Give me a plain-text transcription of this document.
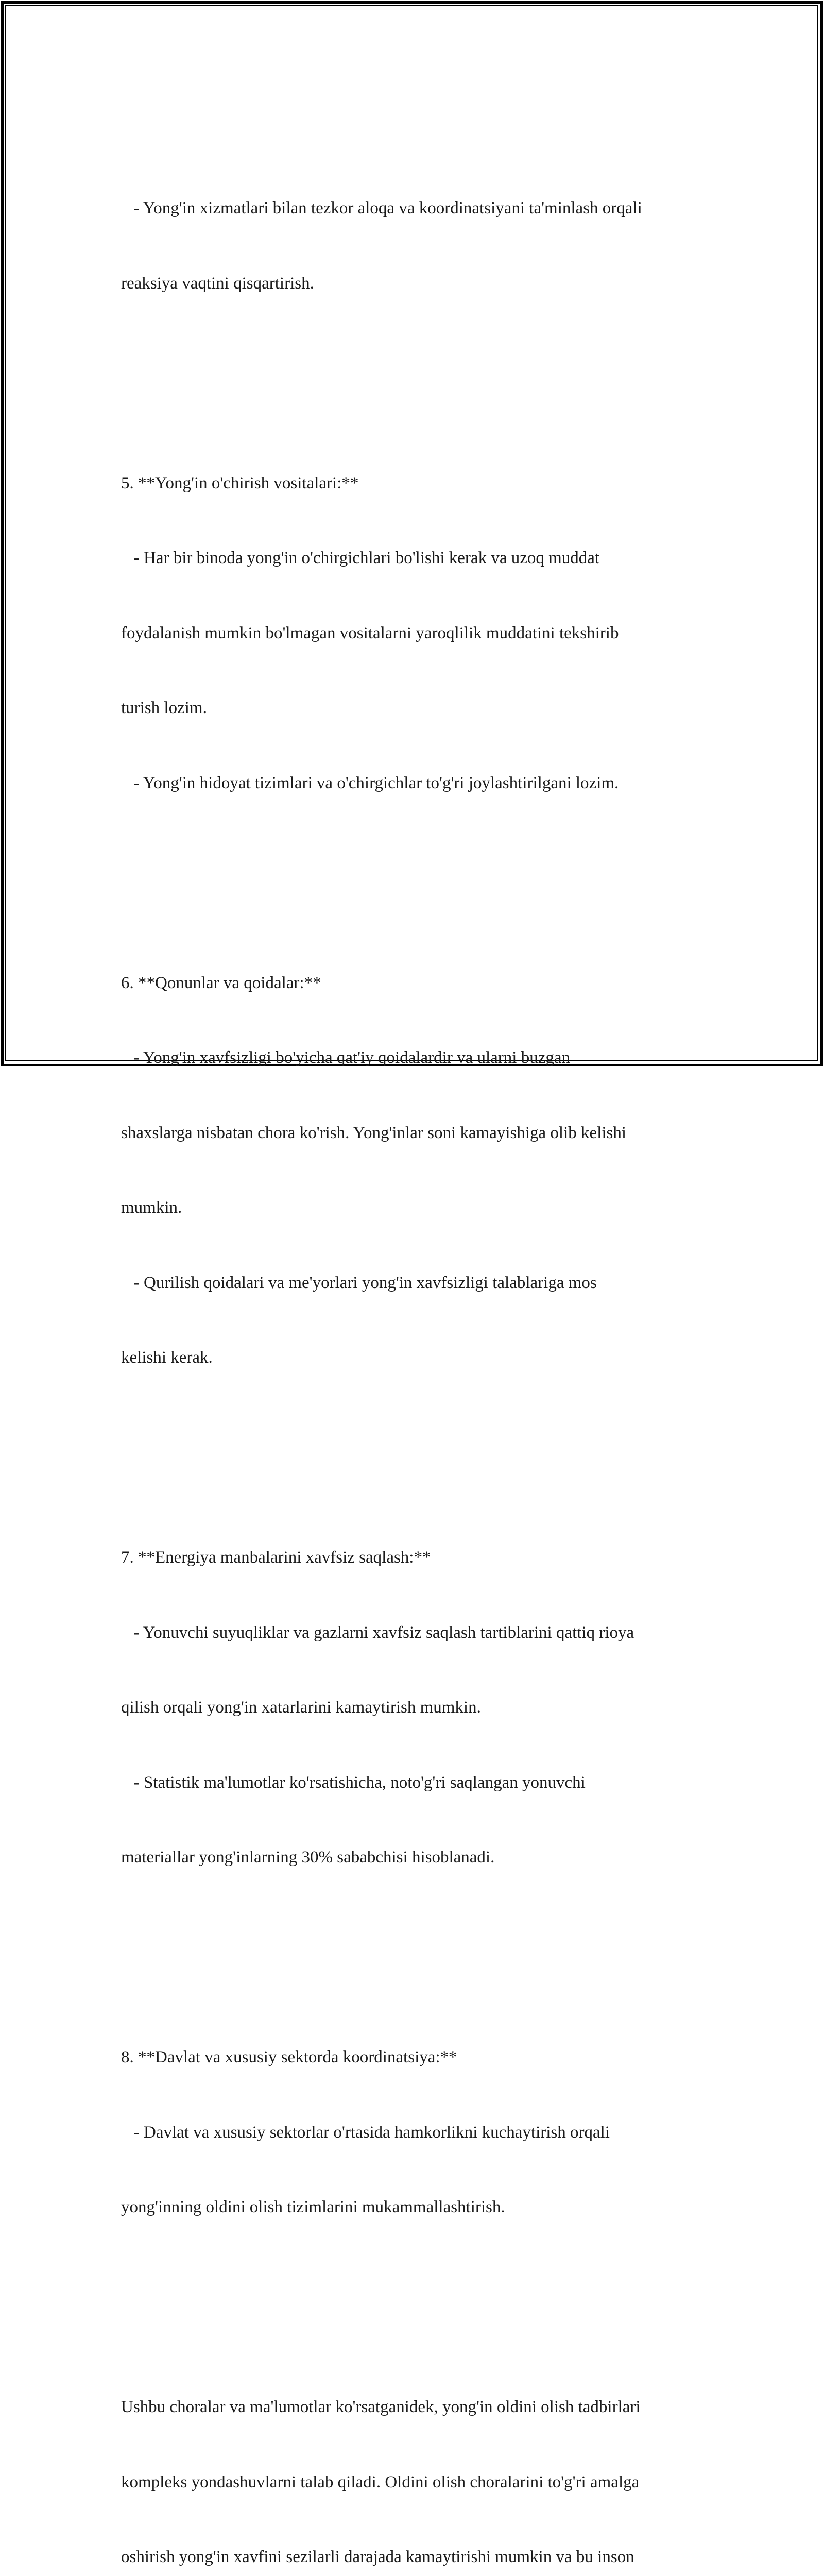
- Yong'in xizmatlari bilan tezkor aloqa va koordinatsiyani ta'minlash orqali

reaksiya vaqtini qisqartirish.

5. **Yong'in o'chirish vositalari:**

- Har bir binoda yong'in o'chirgichlari bo'lishi kerak va uzoq muddat

foydalanish mumkin bo'lmagan vositalarni yaroqlilik muddatini tekshirib

turish lozim.

- Yong'in hidoyat tizimlari va o'chirgichlar to'g'ri joylashtirilgani lozim.

6. **Qonunlar va qoidalar:**

- Yong'in xavfsizligi bo'yicha qat'iy qoidalardir va ularni buzgan

shaxslarga nisbatan chora ko'rish. Yong'inlar soni kamayishiga olib kelishi

mumkin.

- Qurilish qoidalari va me'yorlari yong'in xavfsizligi talablariga mos

kelishi kerak.

7. **Energiya manbalarini xavfsiz saqlash:**

- Yonuvchi suyuqliklar va gazlarni xavfsiz saqlash tartiblarini qattiq rioya

qilish orqali yong'in xatarlarini kamaytirish mumkin.

- Statistik ma'lumotlar ko'rsatishicha, noto'g'ri saqlangan yonuvchi

materiallar yong'inlarning 30% sababchisi hisoblanadi.

8. **Davlat va xususiy sektorda koordinatsiya:**

- Davlat va xususiy sektorlar o'rtasida hamkorlikni kuchaytirish orqali

yong'inning oldini olish tizimlarini mukammallashtirish.

Ushbu choralar va ma'lumotlar ko'rsatganidek, yong'in oldini olish tadbirlari

kompleks yondashuvlarni talab qiladi. Oldini olish choralarini to'g'ri amalga

oshirish yong'in xavfini sezilarli darajada kamaytirishi mumkin va bu inson
